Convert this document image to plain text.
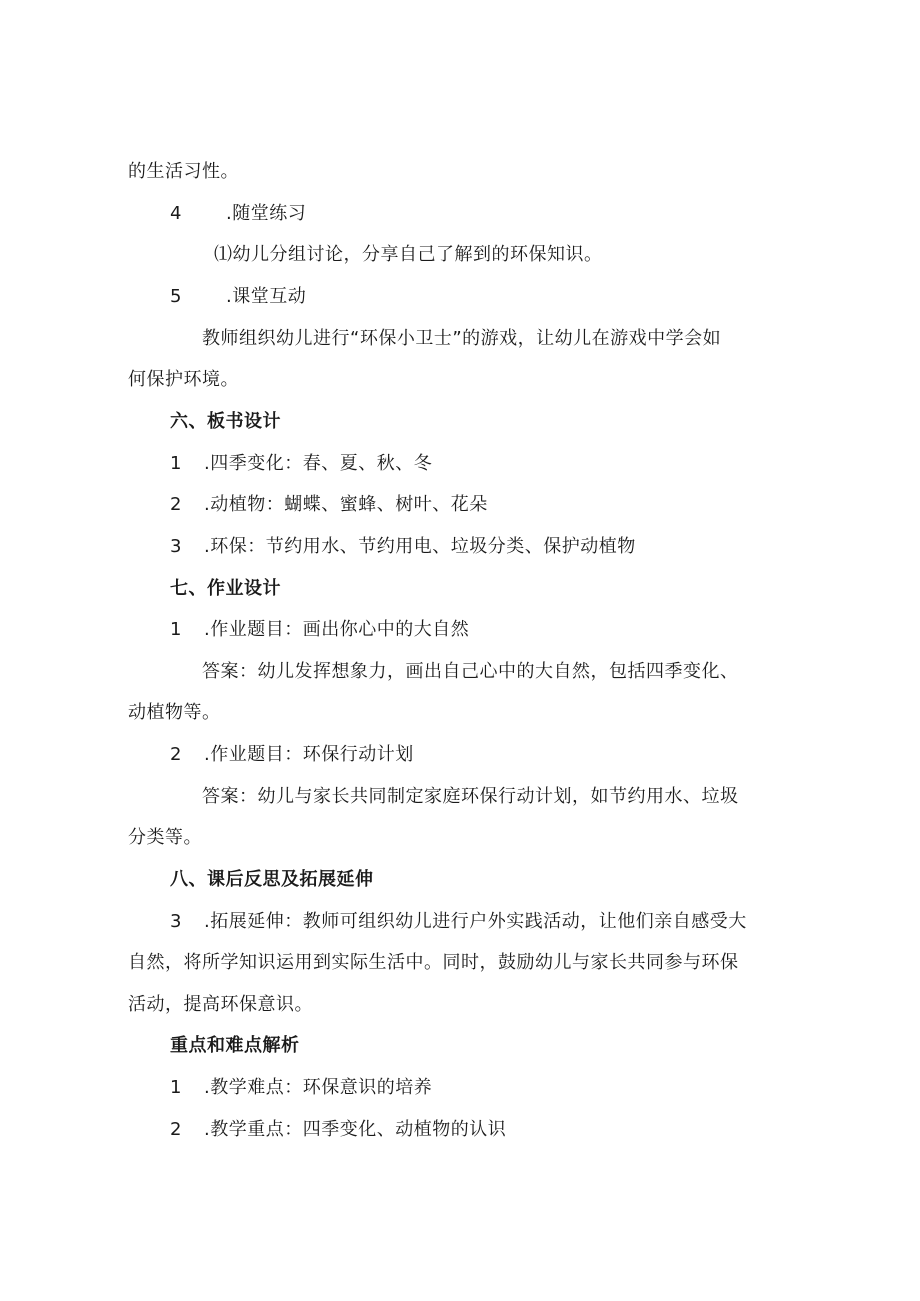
的生活习性。
4 .随堂练习
⑴幼儿分组讨论，分享自己了解到的环保知识。
5 .课堂互动
教师组织幼儿进行“环保小卫士”的游戏，让幼儿在游戏中学会如
何保护环境。
六、板书设计
1 .四季变化：春、夏、秋、冬
2 .动植物：蝴蝶、蜜蜂、树叶、花朵
3 .环保：节约用水、节约用电、垃圾分类、保护动植物
七、作业设计
1 .作业题目：画出你心中的大自然
答案：幼儿发挥想象力，画出自己心中的大自然，包括四季变化、
动植物等。
2 .作业题目：环保行动计划
答案：幼儿与家长共同制定家庭环保行动计划，如节约用水、垃圾
分类等。
八、课后反思及拓展延伸
3 .拓展延伸：教师可组织幼儿进行户外实践活动，让他们亲自感受大
自然，将所学知识运用到实际生活中。同时，鼓励幼儿与家长共同参与环保
活动，提高环保意识。
重点和难点解析
1 .教学难点：环保意识的培养
2 .教学重点：四季变化、动植物的认识
